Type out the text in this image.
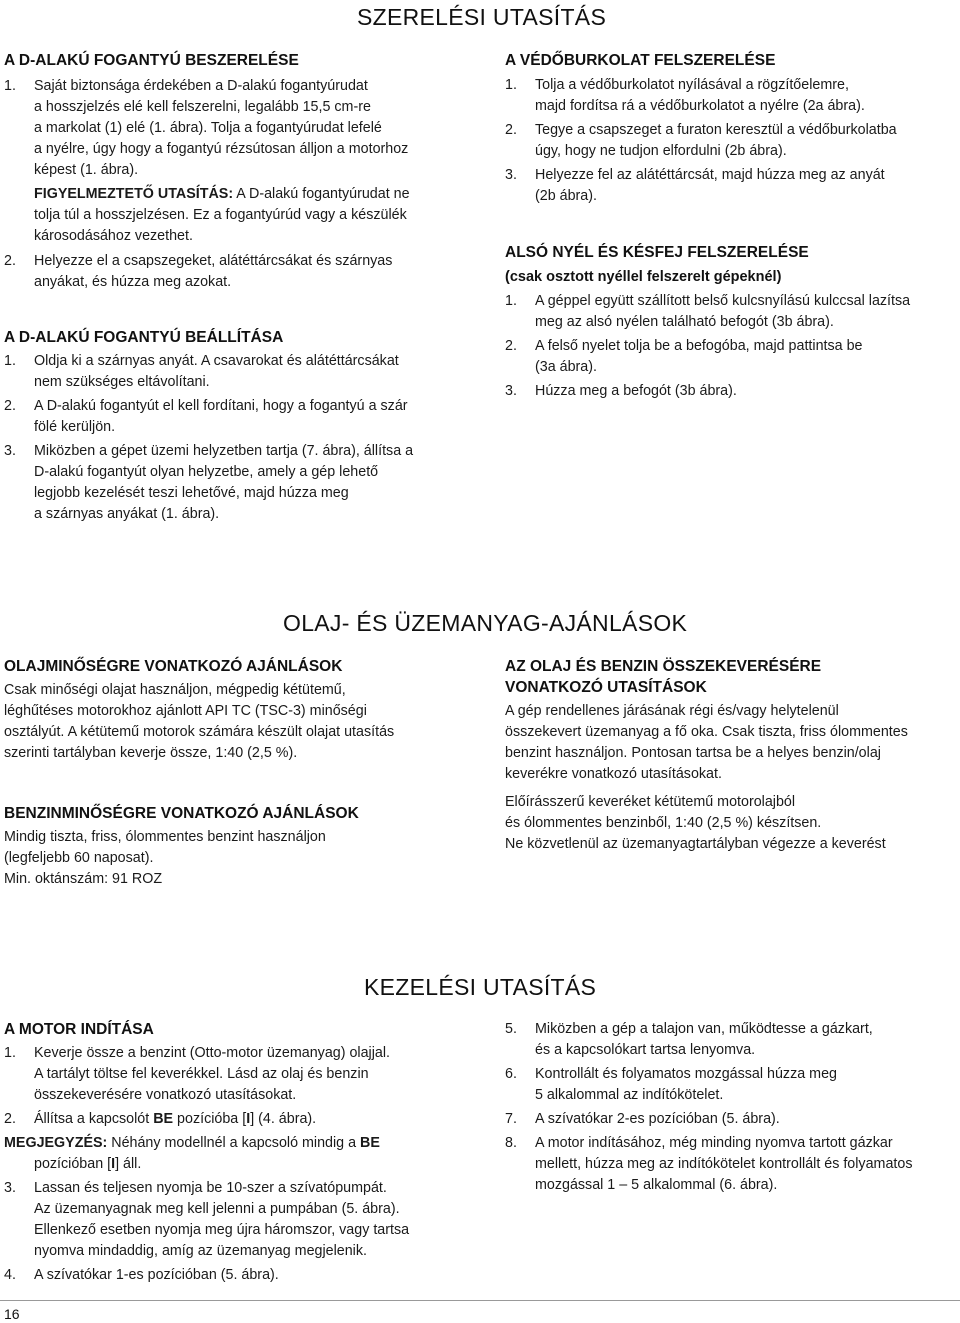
SZERELÉSI UTASÍTÁS
OLAJ- ÉS ÜZEMANYAG-AJÁNLÁSOK
KEZELÉSI UTASÍTÁS
A D-ALAKÚ FOGANTYÚ BESZERELÉSE
1. Saját biztonsága érdekében a D-alakú fogantyúrudat
a hosszjelzés elé kell felszerelni, legalább 15,5 cm-re
a markolat (1) elé (1. ábra). Tolja a fogantyúrudat lefelé
a nyélre, úgy hogy a fogantyú rézsútosan álljon a motorhoz
képest (1. ábra).
FIGYELMEZTETŐ UTASÍTÁS: A D-alakú fogantyúrudat ne
tolja túl a hosszjelzésen. Ez a fogantyúrúd vagy a készülék
károsodásához vezethet.
2. Helyezze el a csapszegeket, alátéttárcsákat és szárnyas
anyákat, és húzza meg azokat.
A D-ALAKÚ FOGANTYÚ BEÁLLÍTÁSA
1. Oldja ki a szárnyas anyát. A csavarokat és alátéttárcsákat
nem szükséges eltávolítani.
2. A D-alakú fogantyút el kell fordítani, hogy a fogantyú a szár
fölé kerüljön.
3. Miközben a gépet üzemi helyzetben tartja (7. ábra), állítsa a
D-alakú fogantyút olyan helyzetbe, amely a gép lehető
legjobb kezelését teszi lehetővé, majd húzza meg
a szárnyas anyákat (1. ábra).
A VÉDŐBURKOLAT FELSZERELÉSE
1. Tolja a védőburkolatot nyílásával a rögzítőelemre,
majd fordítsa rá a védőburkolatot a nyélre (2a ábra).
2. Tegye a csapszeget a furaton keresztül a védőburkolatba
úgy, hogy ne tudjon elfordulni (2b ábra).
3. Helyezze fel az alátéttárcsát, majd húzza meg az anyát
(2b ábra).
ALSÓ NYÉL ÉS KÉSFEJ FELSZERELÉSE
(csak osztott nyéllel felszerelt gépeknél)
1. A géppel együtt szállított belső kulcsnyílású kulccsal lazítsa
meg az alsó nyélen található befogót (3b ábra).
2. A felső nyelet tolja be a befogóba, majd pattintsa be
(3a ábra).
3. Húzza meg a befogót (3b ábra).
OLAJMINŐSÉGRE VONATKOZÓ AJÁNLÁSOK
Csak minőségi olajat használjon, mégpedig kétütemű,
léghűtéses motorokhoz ajánlott API TC (TSC-3) minőségi
osztályút. A kétütemű motorok számára készült olajat utasítás
szerinti tartályban keverje össze, 1:40 (2,5 %).
BENZINMINŐSÉGRE VONATKOZÓ AJÁNLÁSOK
Mindig tiszta, friss, ólommentes benzint használjon
(legfeljebb 60 naposat).
Min. oktánszám: 91 ROZ
AZ OLAJ ÉS BENZIN ÖSSZEKEVERÉSÉRE
VONATKOZÓ UTASÍTÁSOK
A gép rendellenes járásának régi és/vagy helytelenül
összekevert üzemanyag a fő oka. Csak tiszta, friss ólommentes
benzint használjon. Pontosan tartsa be a helyes benzin/olaj
keverékre vonatkozó utasításokat.
Előírásszerű keveréket kétütemű motorolajból
és ólommentes benzinből, 1:40 (2,5 %) készítsen.
Ne közvetlenül az üzemanyagtartályban végezze a keverést
A MOTOR INDÍTÁSA
1. Keverje össze a benzint (Otto-motor üzemanyag) olajjal.
A tartályt töltse fel keverékkel. Lásd az olaj és benzin
összekeverésére vonatkozó utasításokat.
2. Állítsa a kapcsolót BE pozícióba [I] (4. ábra).
MEGJEGYZÉS: Néhány modellnél a kapcsoló mindig a BE
pozícióban [I] áll.
3. Lassan és teljesen nyomja be 10-szer a szívatópumpát.
Az üzemanyagnak meg kell jelenni a pumpában (5. ábra).
Ellenkező esetben nyomja meg újra háromszor, vagy tartsa
nyomva mindaddig, amíg az üzemanyag megjelenik.
4. A szívatókar 1-es pozícióban (5. ábra).
5. Miközben a gép a talajon van, működtesse a gázkart,
és a kapcsolókart tartsa lenyomva.
6. Kontrollált és folyamatos mozgással húzza meg
5 alkalommal az indítókötelet.
7. A szívatókar 2-es pozícióban (5. ábra).
8. A motor indításához, még minding nyomva tartott gázkar
mellett, húzza meg az indítókötelet kontrollált és folyamatos
mozgással 1 – 5 alkalommal (6. ábra).
16
